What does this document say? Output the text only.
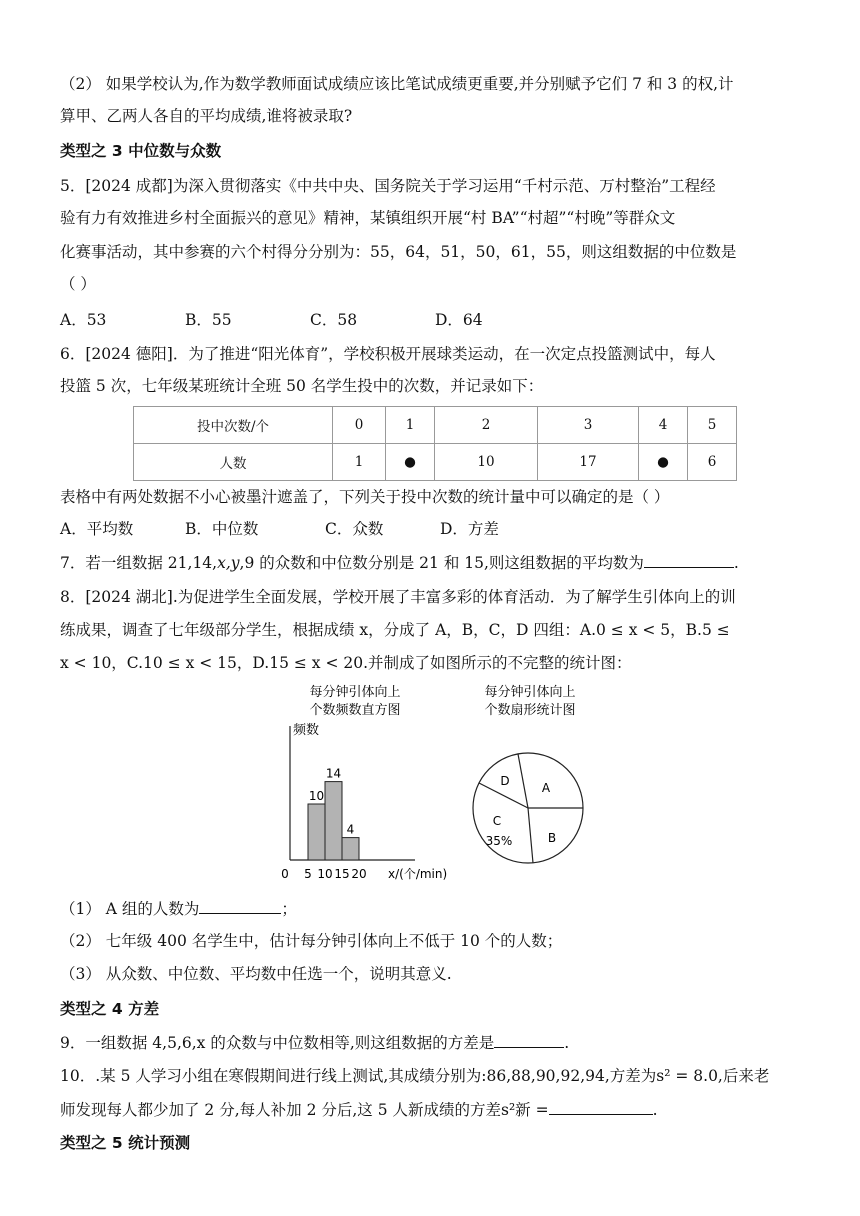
（2） 如果学校认为,作为数学教师面试成绩应该比笔试成绩更重要,并分别赋予它们 7 和 3 的权,计
算甲、乙两人各自的平均成绩,谁将被录取?
类型之 3 中位数与众数
5．[2024 成都]为深入贯彻落实《中共中央、国务院关于学习运用“千村示范、万村整治”工程经
验有力有效推进乡村全面振兴的意见》精神，某镇组织开展“村 BA”“村超”“村晚”等群众文
化赛事活动，其中参赛的六个村得分分别为：55，64，51，50，61，55，则这组数据的中位数是
（ ）
A．53	B．55	C．58	D．64
6．[2024 德阳]．为了推进“阳光体育”，学校积极开展球类运动，在一次定点投篮测试中，每人
投篮 5 次，七年级某班统计全班 50 名学生投中的次数，并记录如下：
投中次数/个	0	1	2	3	4	5
人数	1	●	10	17	●	6
表格中有两处数据不小心被墨汁遮盖了，下列关于投中次数的统计量中可以确定的是（ ）
A．平均数	B．中位数	C．众数	D．方差
7．若一组数据 21,14,x,y,9 的众数和中位数分别是 21 和 15,则这组数据的平均数为	.
8．[2024 湖北].为促进学生全面发展，学校开展了丰富多彩的体育活动．为了解学生引体向上的训
练成果，调查了七年级部分学生，根据成绩 x，分成了 A，B，C，D 四组：A.0 ≤ x < 5，B.5 ≤
x < 10，C.10 ≤ x < 15，D.15 ≤ x < 20.并制成了如图所示的不完整的统计图：
每分钟引体向上
个数频数直方图
频数
x/(个/min)
10
14
4
0 5 10 15 20
每分钟引体向上
个数扇形统计图
A
B
C
D
35%
（1） A 组的人数为	；
（2） 七年级 400 名学生中，估计每分钟引体向上不低于 10 个的人数；
（3） 从众数、中位数、平均数中任选一个，说明其意义.
类型之 4 方差
9．一组数据 4,5,6,x 的众数与中位数相等,则这组数据的方差是	.
10．.某 5 人学习小组在寒假期间进行线上测试,其成绩分别为:86,88,90,92,94,方差为s² = 8.0,后来老
师发现每人都少加了 2 分,每人补加 2 分后,这 5 人新成绩的方差s²新 =	.
类型之 5 统计预测
